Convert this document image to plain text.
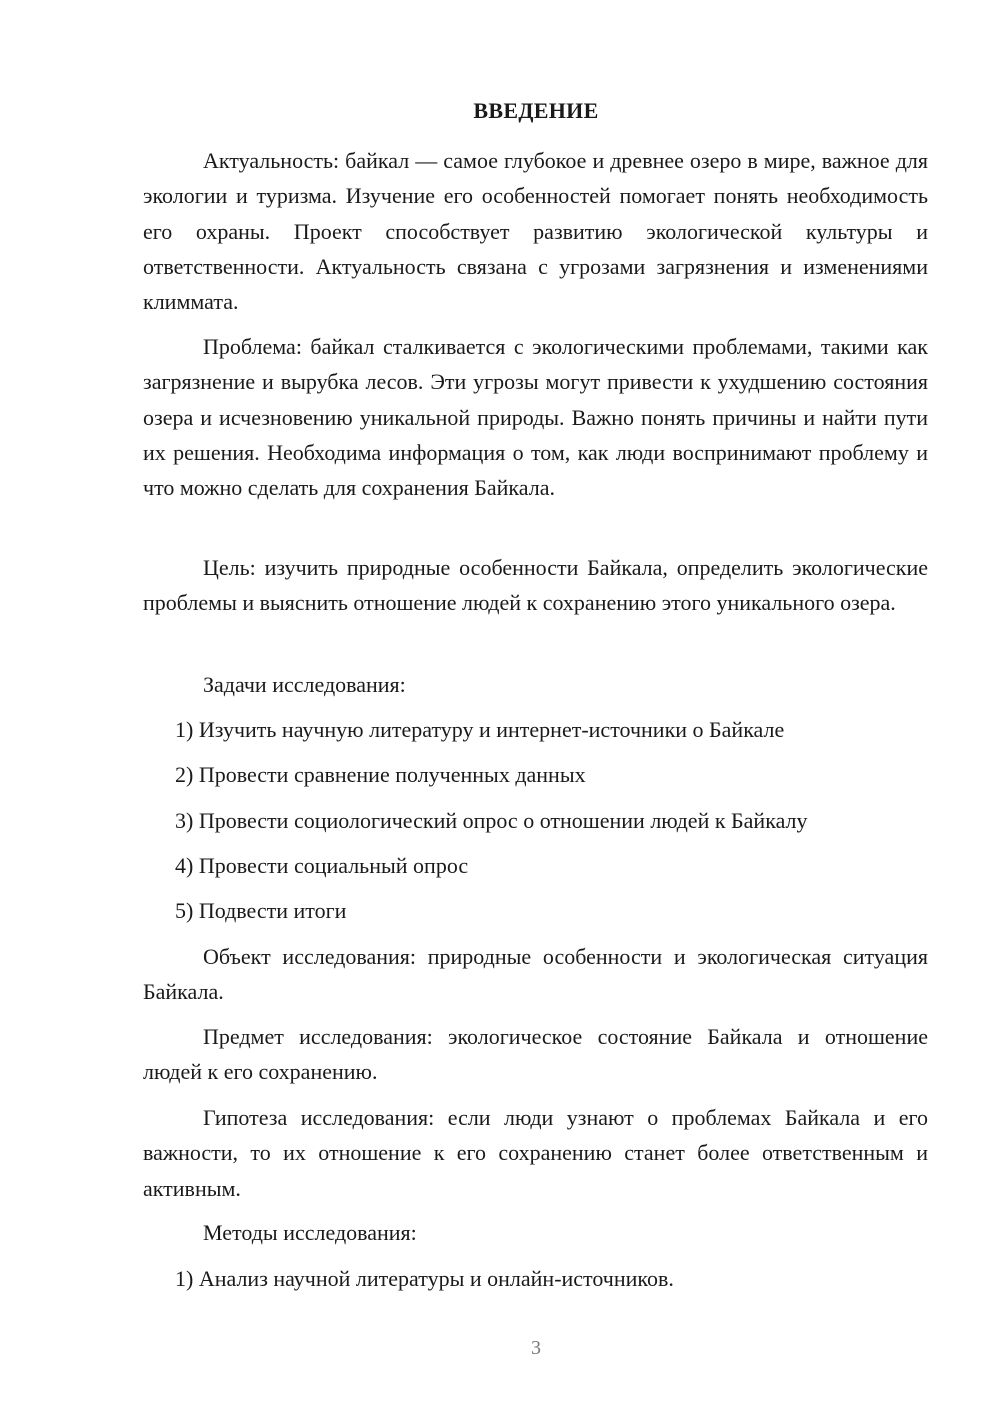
ВВЕДЕНИЕ

Актуальность: байкал — самое глубокое и древнее озеро в мире, важное для экологии и туризма. Изучение его особенностей помогает понять необходимость его охраны. Проект способствует развитию экологической культуры и ответственности. Актуальность связана с угрозами загрязнения и изменениями климмата.

Проблема: байкал сталкивается с экологическими проблемами, такими как загрязнение и вырубка лесов. Эти угрозы могут привести к ухудшению состояния озера и исчезновению уникальной природы. Важно понять причины и найти пути их решения. Необходима информация о том, как люди воспринимают проблему и что можно сделать для сохранения Байкала.

Цель: изучить природные особенности Байкала, определить экологические проблемы и выяснить отношение людей к сохранению этого уникального озера.

Задачи исследования:

1) Изучить научную литературу и интернет-источники о Байкале

2) Провести сравнение полученных данных

3) Провести социологический опрос о отношении людей к Байкалу

4) Провести социальный опрос

5) Подвести итоги

Объект исследования: природные особенности и экологическая ситуация Байкала.

Предмет исследования: экологическое состояние Байкала и отношение людей к его сохранению.

Гипотеза исследования: если люди узнают о проблемах Байкала и его важности, то их отношение к его сохранению станет более ответственным и активным.

Методы исследования:

1) Анализ научной литературы и онлайн-источников.

3
